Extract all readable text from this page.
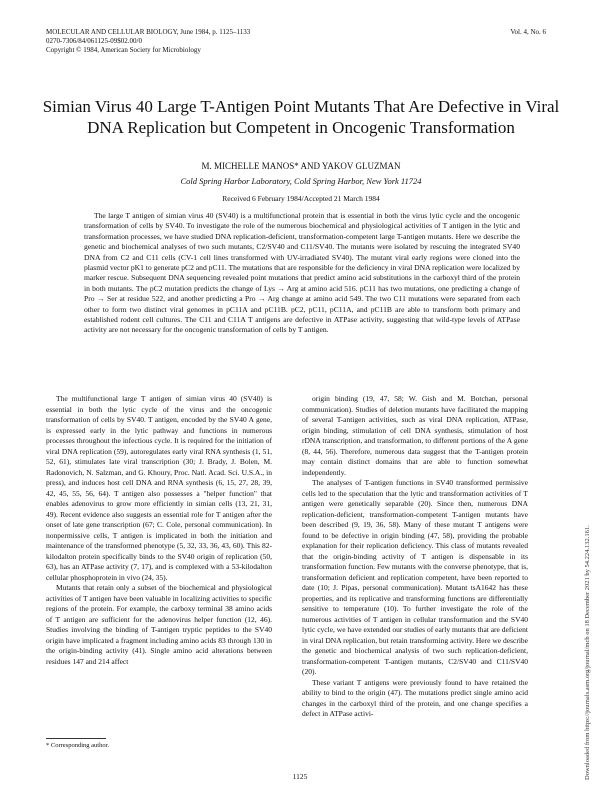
MOLECULAR AND CELLULAR BIOLOGY, June 1984, p. 1125–1133
0270-7306/84/061125-09$02.00/0
Copyright © 1984, American Society for Microbiology
Vol. 4, No. 6
Simian Virus 40 Large T-Antigen Point Mutants That Are Defective in Viral DNA Replication but Competent in Oncogenic Transformation
M. MICHELLE MANOS* AND YAKOV GLUZMAN
Cold Spring Harbor Laboratory, Cold Spring Harbor, New York 11724
Received 6 February 1984/Accepted 21 March 1984

The large T antigen of simian virus 40 (SV40) is a multifunctional protein that is essential in both the virus lytic cycle and the oncogenic transformation of cells by SV40. To investigate the role of the numerous biochemical and physiological activities of T antigen in the lytic and transformation processes, we have studied DNA replication-deficient, transformation-competent large T-antigen mutants. Here we describe the genetic and biochemical analyses of two such mutants, C2/SV40 and C11/SV40. The mutants were isolated by rescuing the integrated SV40 DNA from C2 and C11 cells (CV-1 cell lines transformed with UV-irradiated SV40). The mutant viral early regions were cloned into the plasmid vector pK1 to generate pC2 and pC11. The mutations that are responsible for the deficiency in viral DNA replication were localized by marker rescue. Subsequent DNA sequencing revealed point mutations that predict amino acid substitutions in the carboxyl third of the protein in both mutants. The pC2 mutation predicts the change of Lys → Arg at amino acid 516. pC11 has two mutations, one predicting a change of Pro → Ser at residue 522, and another predicting a Pro → Arg change at amino acid 549. The two C11 mutations were separated from each other to form two distinct viral genomes in pC11A and pC11B. pC2, pC11, pC11A, and pC11B are able to transform both primary and established rodent cell cultures. The C11 and C11A T antigens are defective in ATPase activity, suggesting that wild-type levels of ATPase activity are not necessary for the oncogenic transformation of cells by T antigen.

The multifunctional large T antigen of simian virus 40 (SV40) is essential in both the lytic cycle of the virus and the oncogenic transformation of cells by SV40. T antigen, encoded by the SV40 A gene, is expressed early in the lytic pathway and functions in numerous processes throughout the infectious cycle. It is required for the initiation of viral DNA replication (59), autoregulates early viral RNA synthesis (1, 51, 52, 61), stimulates late viral transcription (30; J. Brady, J. Bolen, M. Radonovich, N. Salzman, and G. Khoury, Proc. Natl. Acad. Sci. U.S.A., in press), and induces host cell DNA and RNA synthesis (6, 15, 27, 28, 39, 42, 45, 55, 56, 64). T antigen also possesses a "helper function" that enables adenovirus to grow more efficiently in simian cells (13, 21, 31, 49). Recent evidence also suggests an essential role for T antigen after the onset of late gene transcription (67; C. Cole, personal communication). In nonpermissive cells, T antigen is implicated in both the initiation and maintenance of the transformed phenotype (5, 32, 33, 36, 43, 60). This 82-kilodalton protein specifically binds to the SV40 origin of replication (50, 63), has an ATPase activity (7, 17), and is complexed with a 53-kilodalton cellular phosphoprotein in vivo (24, 35).

Mutants that retain only a subset of the biochemical and physiological activities of T antigen have been valuable in localizing activities to specific regions of the protein. For example, the carboxy terminal 38 amino acids of T antigen are sufficient for the adenovirus helper function (12, 46). Studies involving the binding of T-antigen tryptic peptides to the SV40 origin have implicated a fragment including amino acids 83 through 130 in the origin-binding activity (41). Single amino acid alterations between residues 147 and 214 affect

origin binding (19, 47, 58; W. Gish and M. Botchan, personal communication). Studies of deletion mutants have facilitated the mapping of several T-antigen activities, such as viral DNA replication, ATPase, origin binding, stimulation of cell DNA synthesis, stimulation of host rDNA transcription, and transformation, to different portions of the A gene (8, 44, 56). Therefore, numerous data suggest that the T-antigen protein may contain distinct domains that are able to function somewhat independently.

The analyses of T-antigen functions in SV40 transformed permissive cells led to the speculation that the lytic and transformation activities of T antigen were genetically separable (20). Since then, numerous DNA replication-deficient, transformation-competent T-antigen mutants have been described (9, 19, 36, 58). Many of these mutant T antigens were found to be defective in origin binding (47, 58), providing the probable explanation for their replication deficiency. This class of mutants revealed that the origin-binding activity of T antigen is dispensable in its transformation function. Few mutants with the converse phenotype, that is, transformation deficient and replication competent, have been reported to date (10; J. Pipas, personal communication). Mutant tsA1642 has these properties, and its replicative and transforming functions are differentially sensitive to temperature (10). To further investigate the role of the numerous activities of T antigen in cellular transformation and the SV40 lytic cycle, we have extended our studies of early mutants that are deficient in viral DNA replication, but retain transforming activity. Here we describe the genetic and biochemical analysis of two such replication-deficient, transformation-competent T-antigen mutants, C2/SV40 and C11/SV40 (20).

These variant T antigens were previously found to have retained the ability to bind to the origin (47). The mutations predict single amino acid changes in the carboxyl third of the protein, and one change specifies a defect in ATPase activi-

* Corresponding author.
1125	Downloaded from https://journals.asm.org/journal/mcb on 18 December 2021 by 54.224.132.161.
